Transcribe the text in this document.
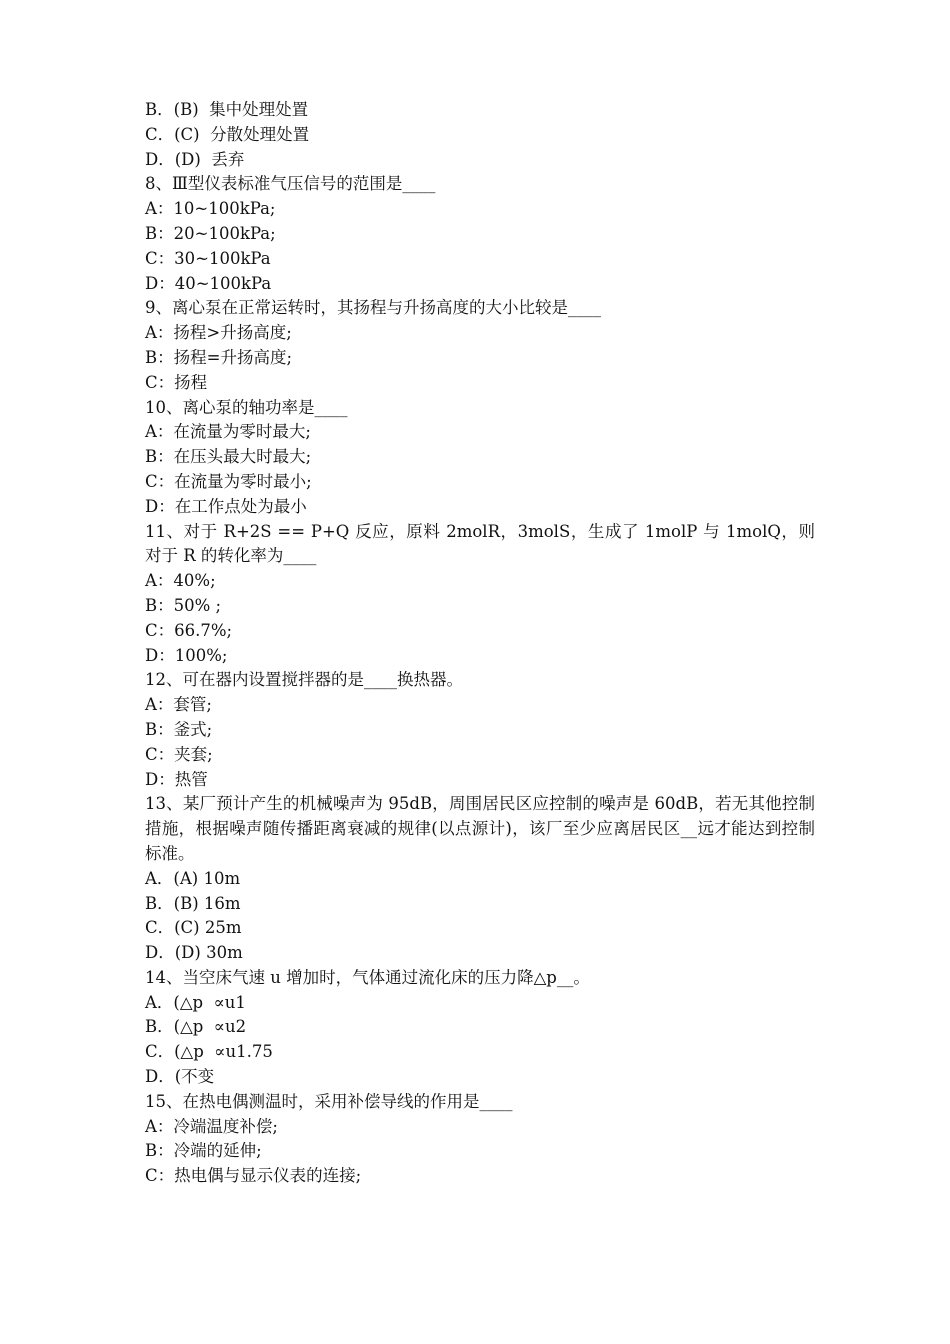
B．(B)  集中处理处置
C．(C)  分散处理处置
D．(D)  丢弃
8、Ⅲ型仪表标准气压信号的范围是____
A：10~100kPa;
B：20~100kPa;
C：30~100kPa
D：40~100kPa
9、离心泵在正常运转时，其扬程与升扬高度的大小比较是____
A：扬程>升扬高度;
B：扬程=升扬高度;
C：扬程
10、离心泵的轴功率是____
A：在流量为零时最大;
B：在压头最大时最大;
C：在流量为零时最小;
D：在工作点处为最小
11、对于 R+2S == P+Q 反应，原料 2molR，3molS，生成了 1molP 与 1molQ，则对于 R 的转化率为____
A：40%;
B：50% ;
C：66.7%;
D：100%;
12、可在器内设置搅拌器的是____换热器。
A：套管;
B：釜式;
C：夹套;
D：热管
13、某厂预计产生的机械噪声为 95dB，周围居民区应控制的噪声是 60dB，若无其他控制措施，根据噪声随传播距离衰减的规律(以点源计)，该厂至少应离居民区__远才能达到控制标准。
A．(A) 10m
B．(B) 16m
C．(C) 25m
D．(D) 30m
14、当空床气速 u 增加时，气体通过流化床的压力降△p__。
A．(△p  ∝u1
B．(△p  ∝u2
C．(△p  ∝u1.75
D．(不变
15、在热电偶测温时，采用补偿导线的作用是____
A：冷端温度补偿;
B：冷端的延伸;
C：热电偶与显示仪表的连接;
